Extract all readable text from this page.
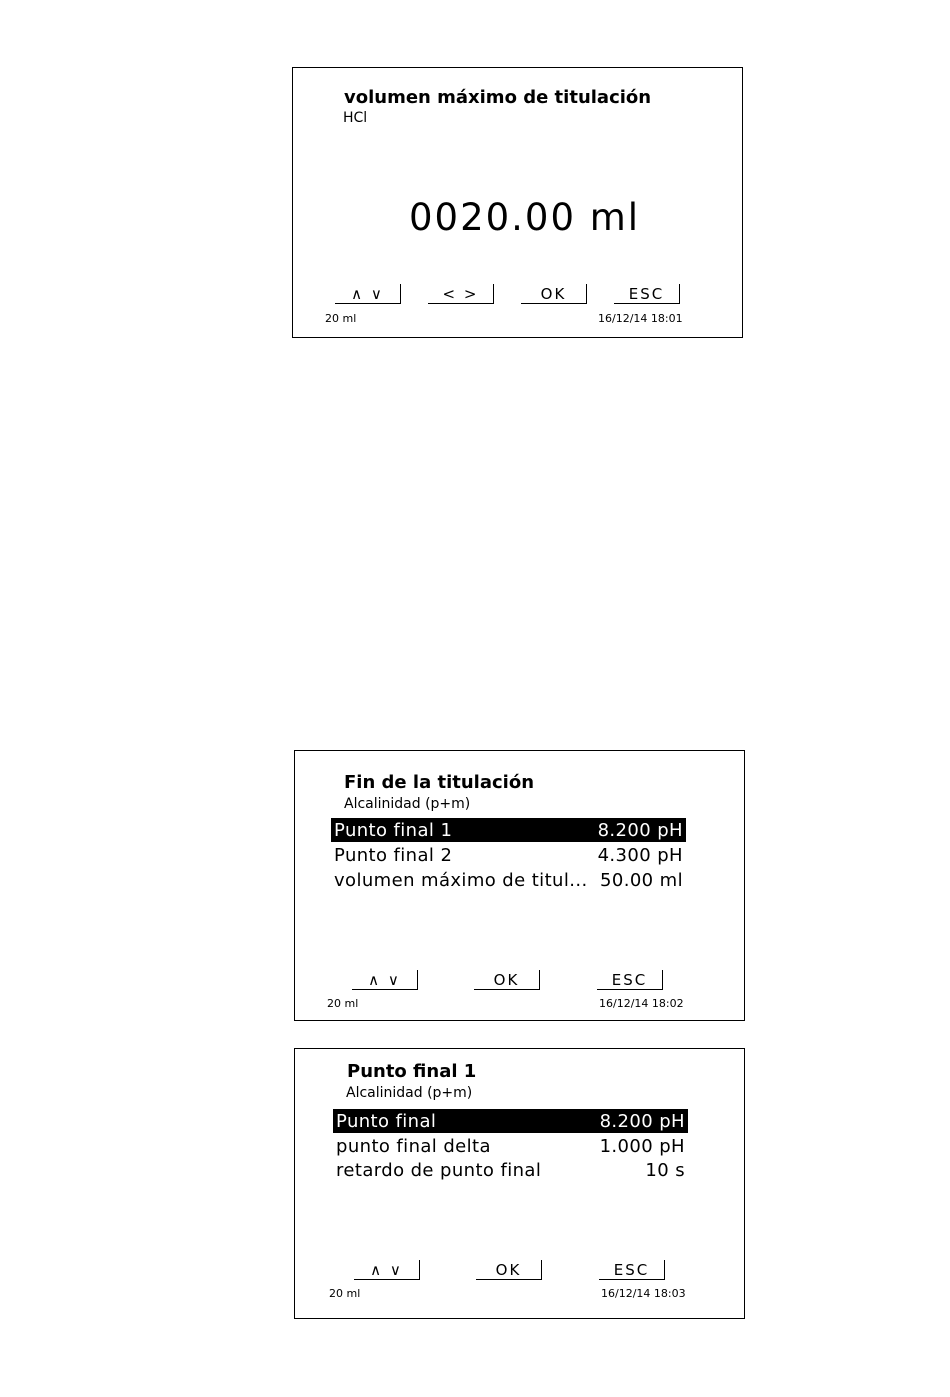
volumen máximo de titulación
HCl
0020.00 ml
∧ ∨	< >	OK	ESC
20 ml	16/12/14 18:01
Fin de la titulación
Alcalinidad (p+m)
Punto final 1	8.200 pH
Punto final 2	4.300 pH
volumen máximo de titul... 50.00 ml
∧ ∨	OK	ESC
20 ml	16/12/14 18:02
Punto final 1
Alcalinidad (p+m)
Punto final	8.200 pH
punto final delta	1.000 pH
retardo de punto final	10 s
∧ ∨	OK	ESC
20 ml	16/12/14 18:03
